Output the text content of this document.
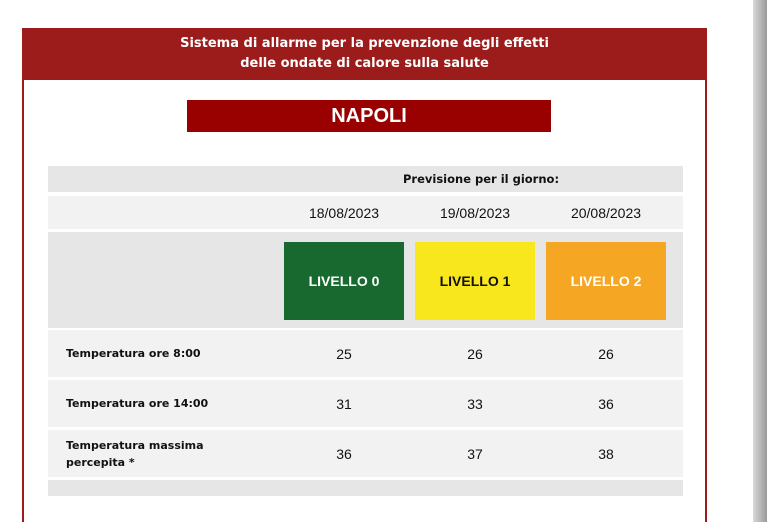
Sistema di allarme per la prevenzione degli effetti
delle ondate di calore sulla salute
NAPOLI
Previsione per il giorno:
18/08/2023	19/08/2023	20/08/2023
LIVELLO 0	LIVELLO 1	LIVELLO 2
Temperatura ore 8:00	25	26	26
Temperatura ore 14:00	31	33	36
Temperatura massima
percepita *
36	37	38
